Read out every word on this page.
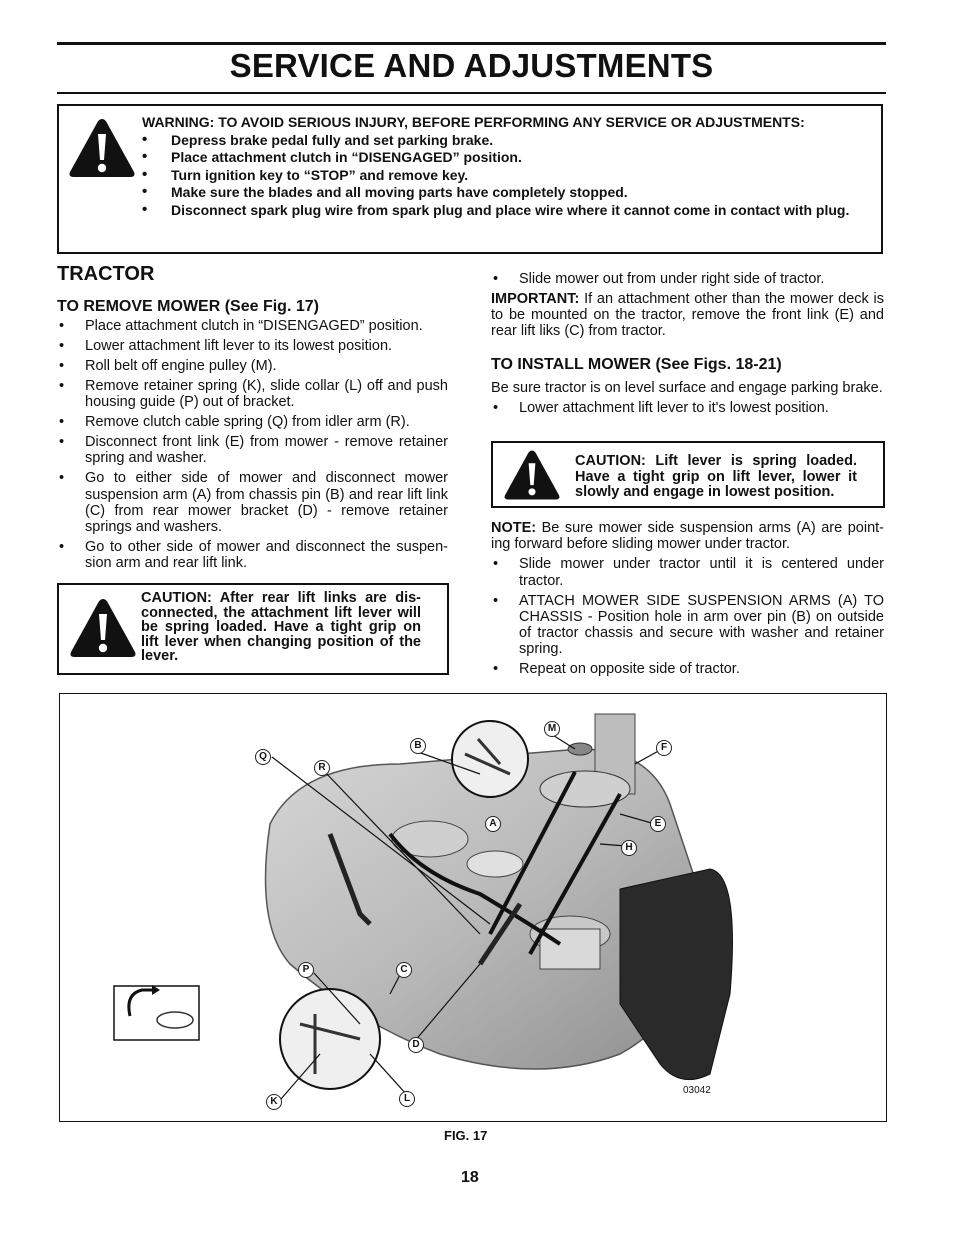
SERVICE AND ADJUSTMENTS
WARNING: TO AVOID SERIOUS INJURY, BEFORE PERFORMING ANY SERVICE OR ADJUSTMENTS:
• Depress brake pedal fully and set parking brake.
• Place attachment clutch in “DISENGAGED” position.
• Turn ignition key to “STOP” and remove key.
• Make sure the blades and all moving parts have completely stopped.
• Disconnect spark plug wire from spark plug and place wire where it cannot come in contact with plug.
TRACTOR
TO REMOVE MOWER (See Fig. 17)
• Place attachment clutch in “DISENGAGED” position.
• Lower attachment lift lever to its lowest position.
• Roll belt off engine pulley (M).
• Remove retainer spring (K), slide collar (L) off and push housing guide (P) out of bracket.
• Remove clutch cable spring (Q) from idler arm (R).
• Disconnect front link (E) from mower - remove retainer spring and washer.
• Go to either side of mower and disconnect mower suspension arm (A) from chassis pin (B) and rear lift link (C) from rear mower bracket (D) - remove retainer springs and washers.
• Go to other side of mower and disconnect the suspen-sion arm and rear lift link.
CAUTION: After rear lift links are dis-connected, the attachment lift lever will be spring loaded. Have a tight grip on lift lever when changing position of the lever.
• Slide mower out from under right side of tractor.

IMPORTANT: If an attachment other than the mower deck is to be mounted on the tractor, remove the front link (E) and rear lift liks (C) from tractor.

TO INSTALL MOWER (See Figs. 18-21)

Be sure tractor is on level surface and engage parking brake.

• Lower attachment lift lever to it's lowest position.
CAUTION: Lift lever is spring loaded. Have a tight grip on lift lever, lower it slowly and engage in lowest position.

NOTE: Be sure mower side suspension arms (A) are point-ing forward before sliding mower under tractor.

• Slide mower under tractor until it is centered under tractor.
• ATTACH MOWER SIDE SUSPENSION ARMS (A) TO CHASSIS - Position hole in arm over pin (B) on outside of tractor chassis and secure with washer and retainer spring.
• Repeat on opposite side of tractor.
Q
R
B
M
F
A	E
H
P	C
D
K	L
03042
FIG. 17
18
